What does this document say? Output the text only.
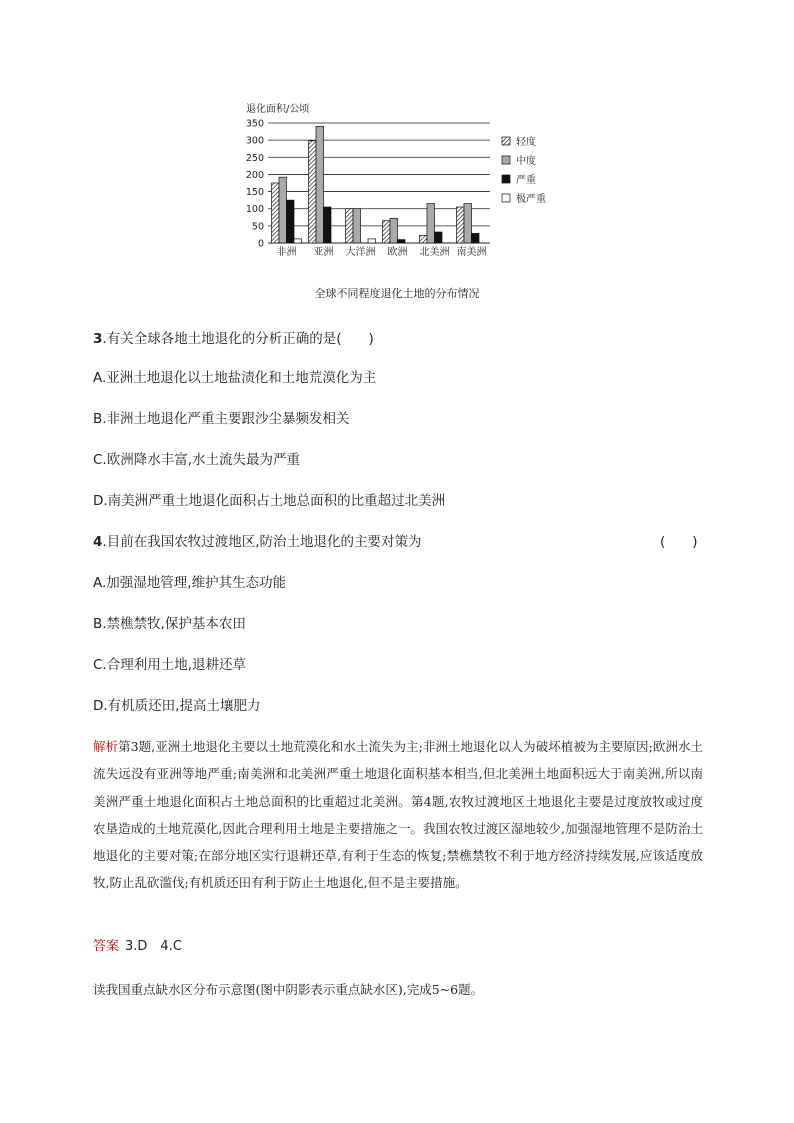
退化面积/公顷
0
50
100
150
200
250
300
350
非洲 亚洲 大洋洲 欧洲 北美洲 南美洲
轻度
中度
严重
极严重
全球不同程度退化土地的分布情况
3.有关全球各地土地退化的分析正确的是(　　)
A.亚洲土地退化以土地盐渍化和土地荒漠化为主
B.非洲土地退化严重主要跟沙尘暴频发相关
C.欧洲降水丰富,水土流失最为严重
D.南美洲严重土地退化面积占土地总面积的比重超过北美洲
4.目前在我国农牧过渡地区,防治土地退化的主要对策为	(　　)
A.加强湿地管理,维护其生态功能
B.禁樵禁牧,保护基本农田
C.合理利用土地,退耕还草
D.有机质还田,提高土壤肥力
解析第3题,亚洲土地退化主要以土地荒漠化和水土流失为主;非洲土地退化以人为破坏植被为主要原因;欧洲水土流失远没有亚洲等地严重;南美洲和北美洲严重土地退化面积基本相当,但北美洲土地面积远大于南美洲,所以南美洲严重土地退化面积占土地总面积的比重超过北美洲。第4题,农牧过渡地区土地退化主要是过度放牧或过度农垦造成的土地荒漠化,因此合理利用土地是主要措施之一。我国农牧过渡区湿地较少,加强湿地管理不是防治土地退化的主要对策;在部分地区实行退耕还草,有利于生态的恢复;禁樵禁牧不利于地方经济持续发展,应该适度放牧,防止乱砍滥伐;有机质还田有利于防止土地退化,但不是主要措施。
答案 3.D　4.C
读我国重点缺水区分布示意图(图中阴影表示重点缺水区),完成5~6题。
